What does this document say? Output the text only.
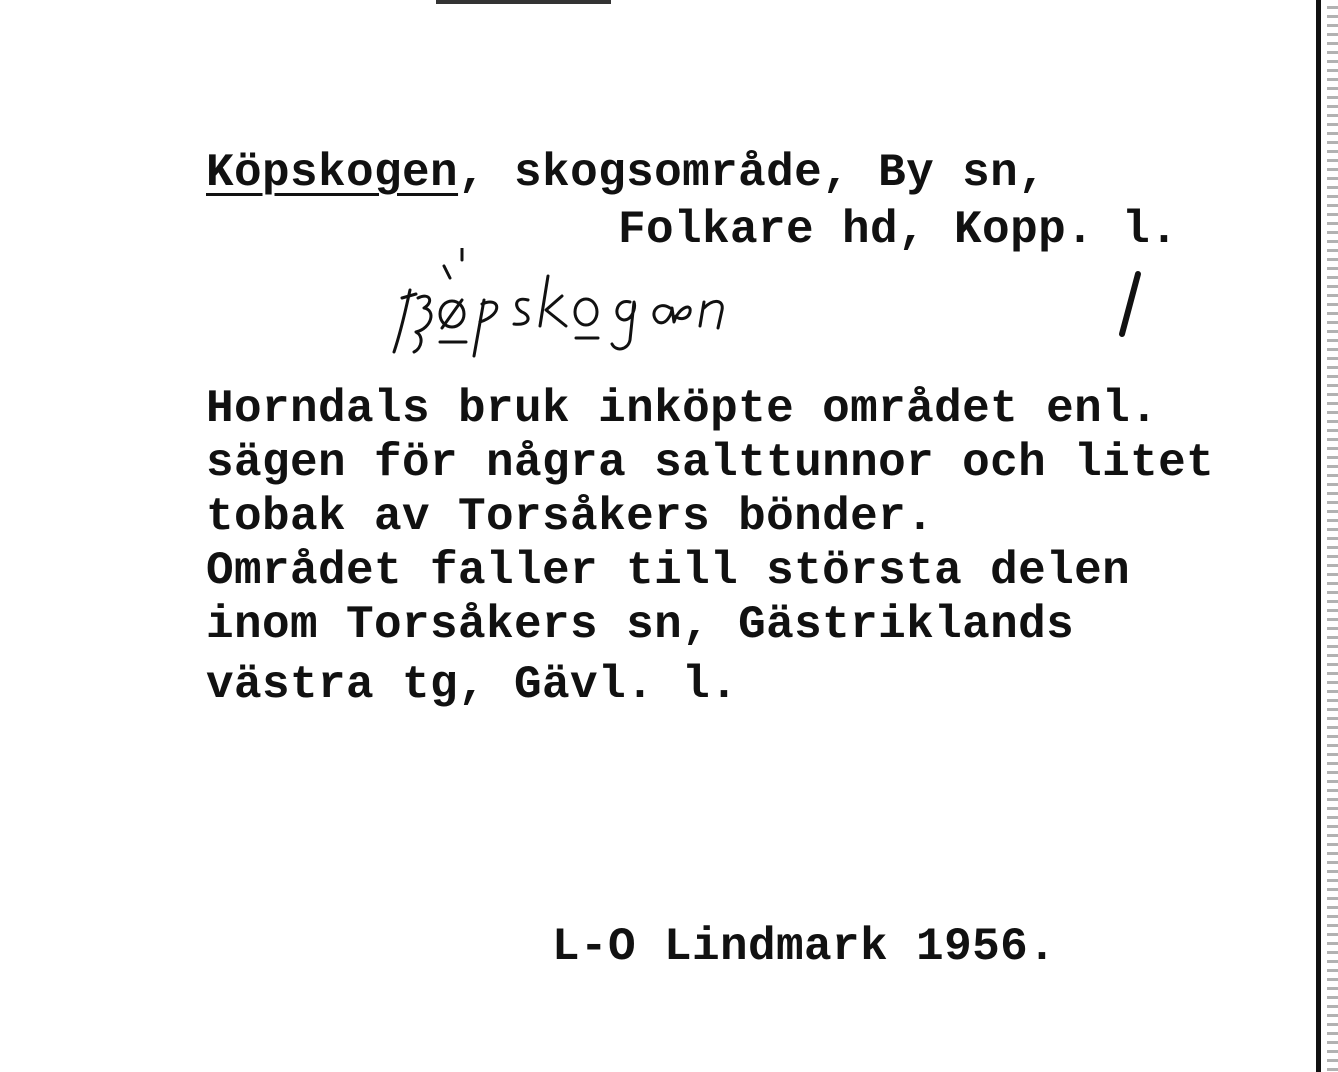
Köpskogen, skogsområde, By sn,
Folkare hd, Kopp. l.
Horndals bruk inköpte området enl.
sägen för några salttunnor och litet
tobak av Torsåkers bönder.
Området faller till största delen
inom Torsåkers sn, Gästriklands
västra tg, Gävl. l.
L-O Lindmark 1956.
